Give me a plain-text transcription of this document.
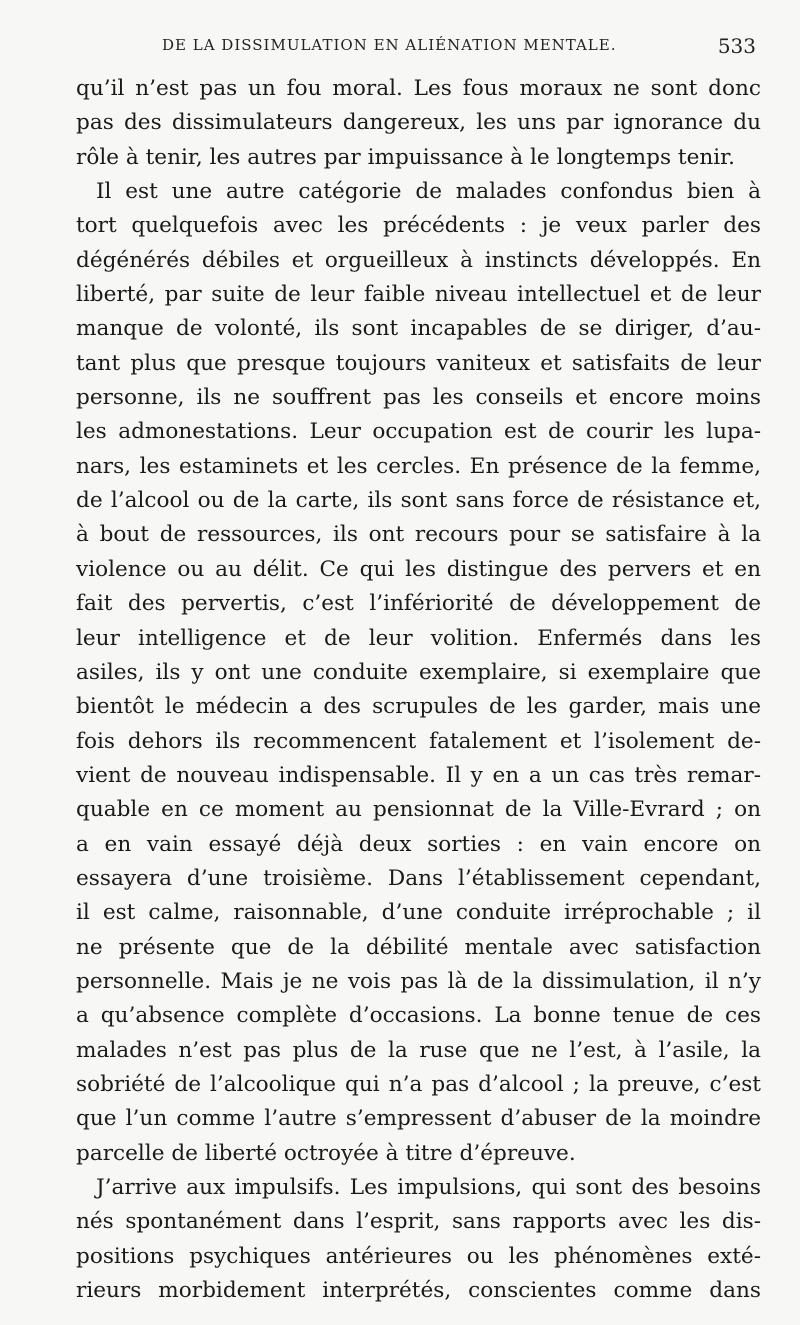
DE LA DISSIMULATION EN ALIÉNATION MENTALE.	533
qu’il n’est pas un fou moral. Les fous moraux ne sont donc
pas des dissimulateurs dangereux, les uns par ignorance du
rôle à tenir, les autres par impuissance à le longtemps tenir.
Il est une autre catégorie de malades confondus bien à
tort quelquefois avec les précédents : je veux parler des
dégénérés débiles et orgueilleux à instincts développés. En
liberté, par suite de leur faible niveau intellectuel et de leur
manque de volonté, ils sont incapables de se diriger, d’au-
tant plus que presque toujours vaniteux et satisfaits de leur
personne, ils ne souffrent pas les conseils et encore moins
les admonestations. Leur occupation est de courir les lupa-
nars, les estaminets et les cercles. En présence de la femme,
de l’alcool ou de la carte, ils sont sans force de résistance et,
à bout de ressources, ils ont recours pour se satisfaire à la
violence ou au délit. Ce qui les distingue des pervers et en
fait des pervertis, c’est l’infériorité de développement de
leur intelligence et de leur volition. Enfermés dans les
asiles, ils y ont une conduite exemplaire, si exemplaire que
bientôt le médecin a des scrupules de les garder, mais une
fois dehors ils recommencent fatalement et l’isolement de-
vient de nouveau indispensable. Il y en a un cas très remar-
quable en ce moment au pensionnat de la Ville-Evrard ; on
a en vain essayé déjà deux sorties : en vain encore on
essayera d’une troisième. Dans l’établissement cependant,
il est calme, raisonnable, d’une conduite irréprochable ; il
ne présente que de la débilité mentale avec satisfaction
personnelle. Mais je ne vois pas là de la dissimulation, il n’y
a qu’absence complète d’occasions. La bonne tenue de ces
malades n’est pas plus de la ruse que ne l’est, à l’asile, la
sobriété de l’alcoolique qui n’a pas d’alcool ; la preuve, c’est
que l’un comme l’autre s’empressent d’abuser de la moindre
parcelle de liberté octroyée à titre d’épreuve.
J’arrive aux impulsifs. Les impulsions, qui sont des besoins
nés spontanément dans l’esprit, sans rapports avec les dis-
positions psychiques antérieures ou les phénomènes exté-
rieurs morbidement interprétés, conscientes comme dans
